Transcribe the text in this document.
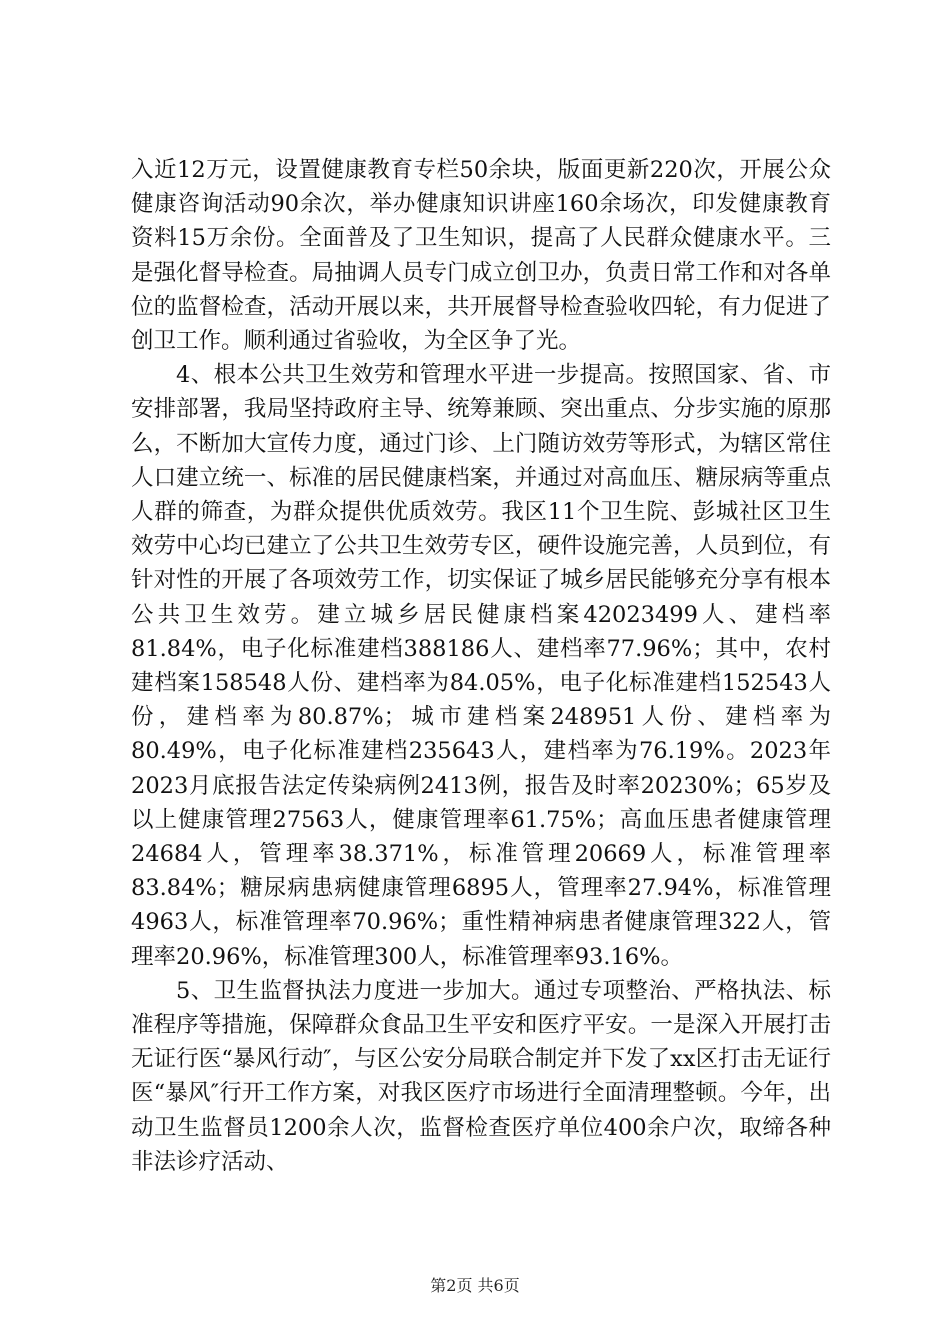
入近12万元，设置健康教育专栏50余块，版面更新220次，开展公众健康咨询活动90余次，举办健康知识讲座160余场次，印发健康教育资料15万余份。全面普及了卫生知识，提高了人民群众健康水平。三是强化督导检查。局抽调人员专门成立创卫办，负责日常工作和对各单位的监督检查，活动开展以来，共开展督导检查验收四轮，有力促进了创卫工作。顺利通过省验收，为全区争了光。

4、根本公共卫生效劳和管理水平进一步提高。按照国家、省、市安排部署，我局坚持政府主导、统筹兼顾、突出重点、分步实施的原那么，不断加大宣传力度，通过门诊、上门随访效劳等形式，为辖区常住人口建立统一、标准的居民健康档案，并通过对高血压、糖尿病等重点人群的筛查，为群众提供优质效劳。我区11个卫生院、彭城社区卫生效劳中心均已建立了公共卫生效劳专区，硬件设施完善，人员到位，有针对性的开展了各项效劳工作，切实保证了城乡居民能够充分享有根本公共卫生效劳。建立城乡居民健康档案42023499人、建档率81.84%，电子化标准建档388186人、建档率77.96%；其中，农村建档案158548人份、建档率为84.05%，电子化标准建档152543人份，建档率为80.87%；城市建档案248951人份、建档率为80.49%，电子化标准建档235643人，建档率为76.19%。2023年2023月底报告法定传染病例2413例，报告及时率20230%；65岁及以上健康管理27563人，健康管理率61.75%；高血压患者健康管理24684人，管理率38.371%，标准管理20669人，标准管理率83.84%；糖尿病患病健康管理6895人，管理率27.94%，标准管理4963人，标准管理率70.96%；重性精神病患者健康管理322人，管理率20.96%，标准管理300人，标准管理率93.16%。

5、卫生监督执法力度进一步加大。通过专项整治、严格执法、标准程序等措施，保障群众食品卫生平安和医疗平安。一是深入开展打击无证行医“暴风行动″，与区公安分局联合制定并下发了xx区打击无证行医“暴风″行开工作方案，对我区医疗市场进行全面清理整顿。今年，出动卫生监督员1200余人次，监督检查医疗单位400余户次，取缔各种非法诊疗活动、

第2页 共6页
